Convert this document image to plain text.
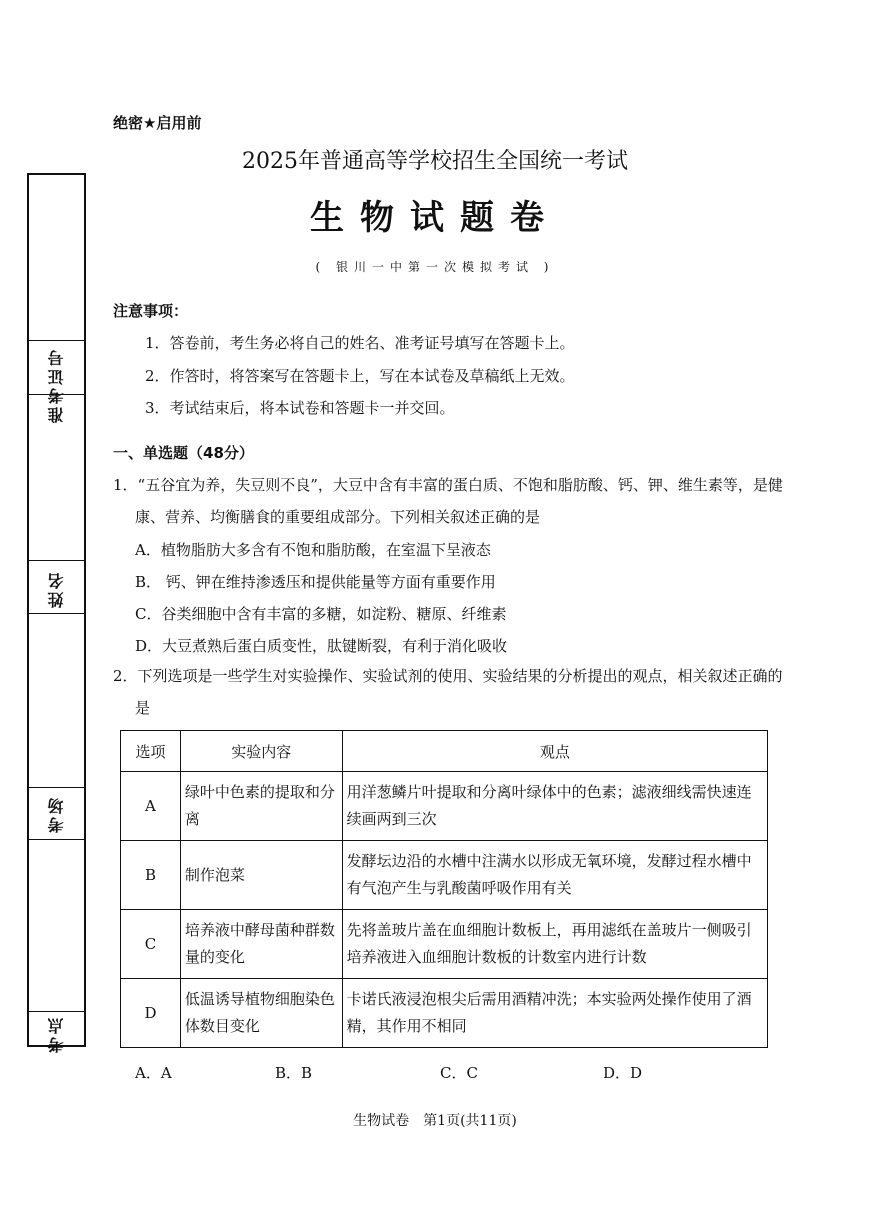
准考证号
姓名
考场
考点
绝密★启用前
2025年普通高等学校招生全国统一考试
生物试题卷
( 银川一中第一次模拟考试 )
注意事项：
1．答卷前，考生务必将自己的姓名、准考证号填写在答题卡上。
2．作答时，将答案写在答题卡上，写在本试卷及草稿纸上无效。
3．考试结束后，将本试卷和答题卡一并交回。
一、单选题（48分）
1．“五谷宜为养，失豆则不良”，大豆中含有丰富的蛋白质、不饱和脂肪酸、钙、钾、维生素等，是健康、营养、均衡膳食的重要组成部分。下列相关叙述正确的是
A．植物脂肪大多含有不饱和脂肪酸，在室温下呈液态
B． 钙、钾在维持渗透压和提供能量等方面有重要作用
C．谷类细胞中含有丰富的多糖，如淀粉、糖原、纤维素
D．大豆煮熟后蛋白质变性，肽键断裂，有利于消化吸收
2．下列选项是一些学生对实验操作、实验试剂的使用、实验结果的分析提出的观点，相关叙述正确的是
选项	实验内容	观点
A	绿叶中色素的提取和分离	用洋葱鳞片叶提取和分离叶绿体中的色素；滤液细线需快速连续画两到三次
B	制作泡菜	发酵坛边沿的水槽中注满水以形成无氧环境，发酵过程水槽中有气泡产生与乳酸菌呼吸作用有关
C	培养液中酵母菌种群数量的变化	先将盖玻片盖在血细胞计数板上，再用滤纸在盖玻片一侧吸引培养液进入血细胞计数板的计数室内进行计数
D	低温诱导植物细胞染色体数目变化	卡诺氏液浸泡根尖后需用酒精冲洗；本实验两处操作使用了酒精，其作用不相同
A．A	B．B	C．C	D．D
生物试卷　第1页(共11页)
